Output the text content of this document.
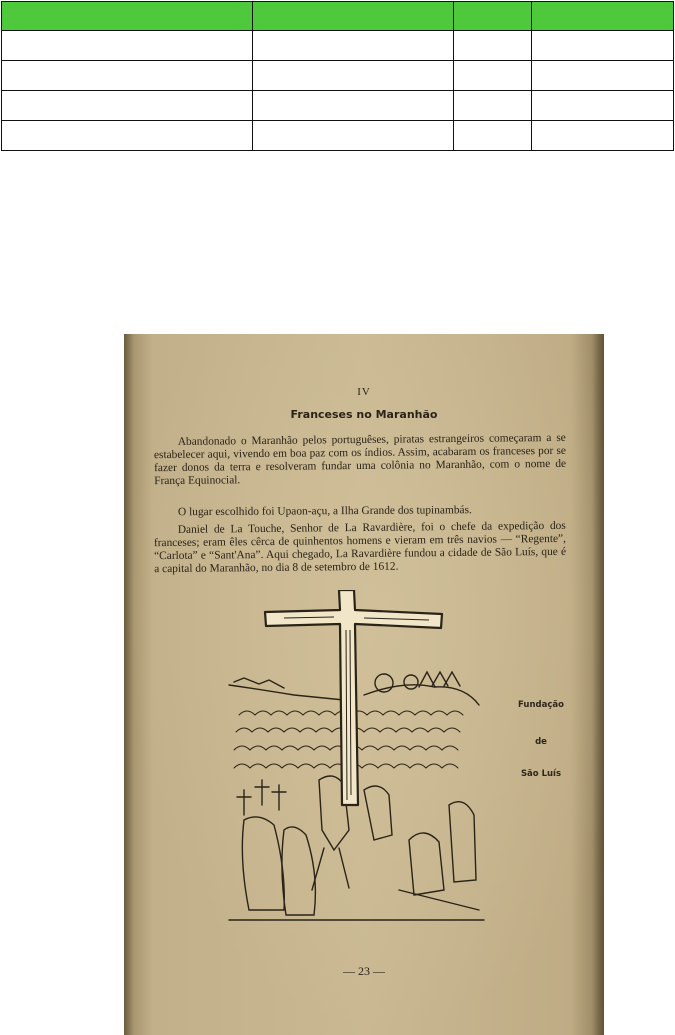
IV
Franceses no Maranhão

Abandonado o Maranhão pelos portuguêses, piratas estrangeiros começaram a se estabelecer aqui, vivendo em boa paz com os índios. Assim, acabaram os franceses por se fazer donos da terra e resolveram fundar uma colônia no Maranhão, com o nome de França Equinocial.

O lugar escolhido foi Upaon-açu, a Ilha Grande dos tupinambás.

Daniel de La Touche, Senhor de La Ravardière, foi o chefe da expedição dos franceses; eram êles cêrca de quinhentos homens e vieram em três navios — “Regente”, “Carlota” e “Sant'Ana”. Aqui chegado, La Ravardière fundou a cidade de São Luís, que é a capital do Maranhão, no dia 8 de setembro de 1612.

Fundação
de
São Luís
— 23 —
